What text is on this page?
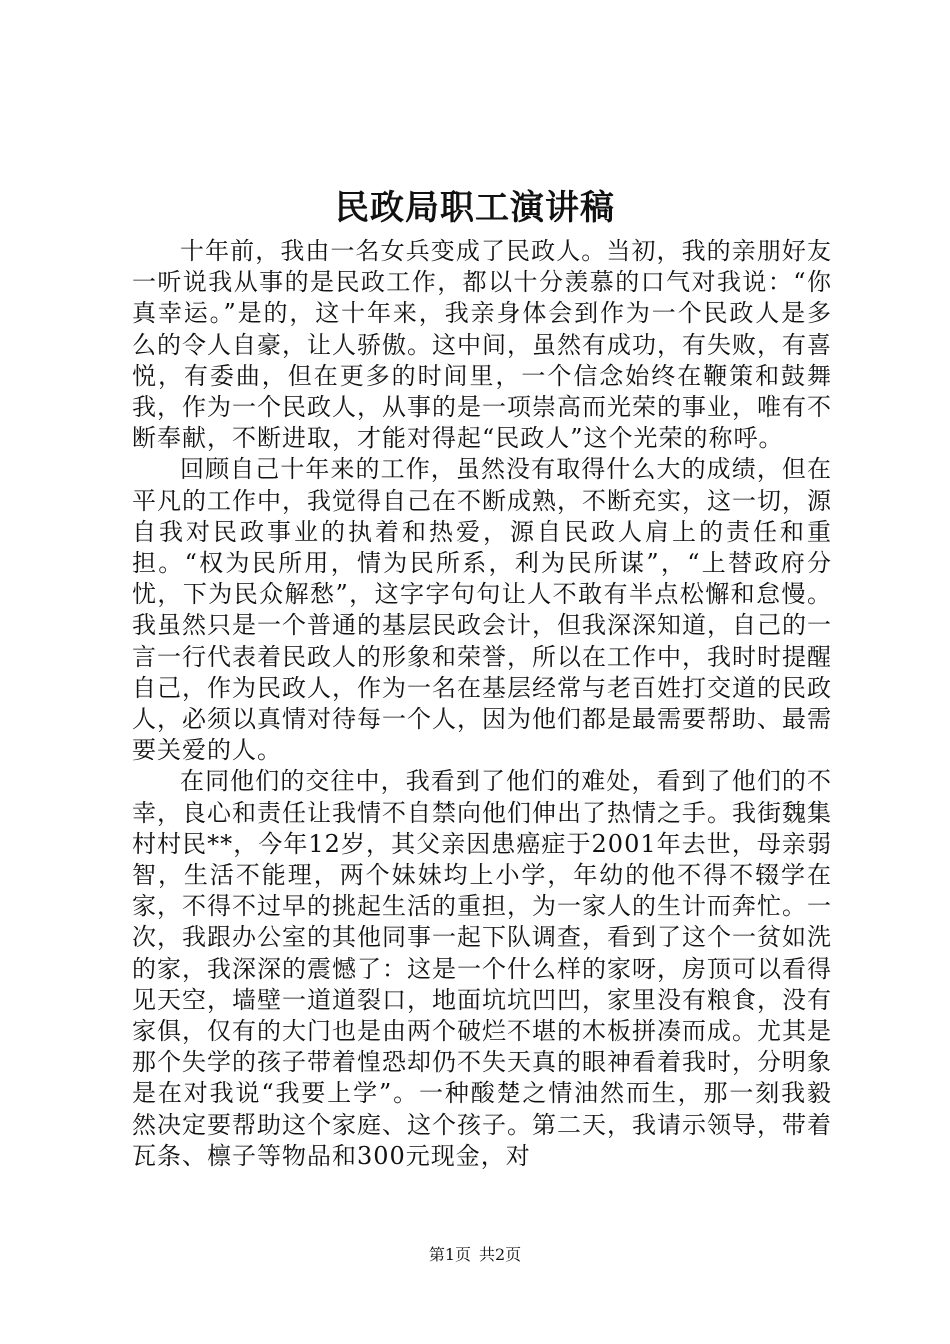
民政局职工演讲稿

十年前，我由一名女兵变成了民政人。当初，我的亲朋好友一听说我从事的是民政工作，都以十分羡慕的口气对我说：“你真幸运。”是的，这十年来，我亲身体会到作为一个民政人是多么的令人自豪，让人骄傲。这中间，虽然有成功，有失败，有喜悦，有委曲，但在更多的时间里，一个信念始终在鞭策和鼓舞我，作为一个民政人，从事的是一项崇高而光荣的事业，唯有不断奉献，不断进取，才能对得起“民政人”这个光荣的称呼。

回顾自己十年来的工作，虽然没有取得什么大的成绩，但在平凡的工作中，我觉得自己在不断成熟，不断充实，这一切，源自我对民政事业的执着和热爱，源自民政人肩上的责任和重担。“权为民所用，情为民所系，利为民所谋”，“上替政府分忧，下为民众解愁”，这字字句句让人不敢有半点松懈和怠慢。我虽然只是一个普通的基层民政会计，但我深深知道，自己的一言一行代表着民政人的形象和荣誉，所以在工作中，我时时提醒自己，作为民政人，作为一名在基层经常与老百姓打交道的民政人，必须以真情对待每一个人，因为他们都是最需要帮助、最需要关爱的人。

在同他们的交往中，我看到了他们的难处，看到了他们的不幸，良心和责任让我情不自禁向他们伸出了热情之手。我街魏集村村民**，今年12岁，其父亲因患癌症于2001年去世，母亲弱智，生活不能理，两个妹妹均上小学，年幼的他不得不辍学在家，不得不过早的挑起生活的重担，为一家人的生计而奔忙。一次，我跟办公室的其他同事一起下队调查，看到了这个一贫如洗的家，我深深的震憾了：这是一个什么样的家呀，房顶可以看得见天空，墙壁一道道裂口，地面坑坑凹凹，家里没有粮食，没有家俱，仅有的大门也是由两个破烂不堪的木板拼凑而成。尤其是那个失学的孩子带着惶恐却仍不失天真的眼神看着我时，分明象是在对我说“我要上学”。一种酸楚之情油然而生，那一刻我毅然决定要帮助这个家庭、这个孩子。第二天，我请示领导，带着瓦条、檩子等物品和300元现金，对

第1页 共2页
